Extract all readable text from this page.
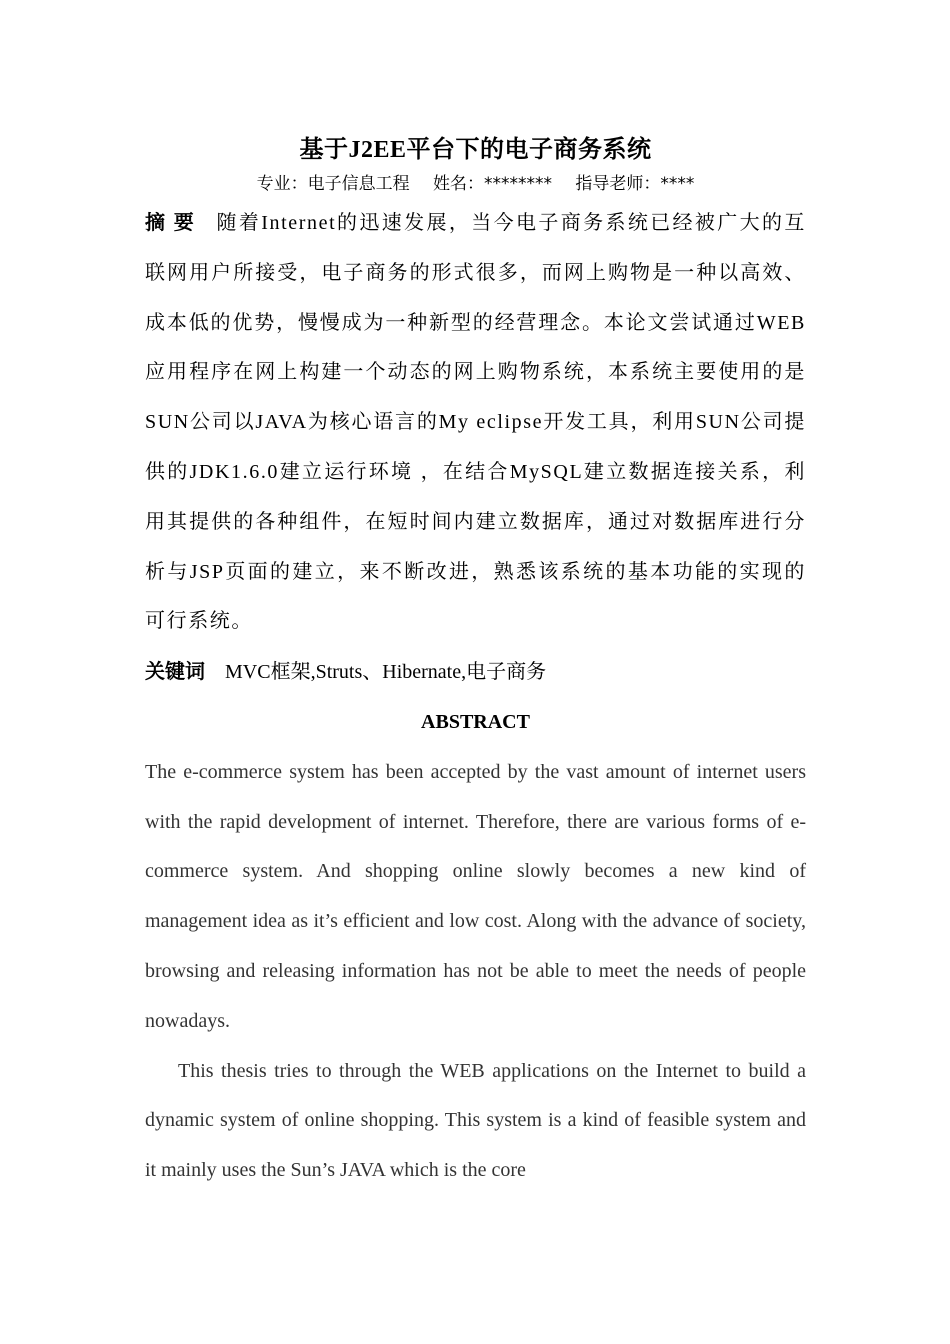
基于J2EE平台下的电子商务系统

专业：电子信息工程 姓名：******** 指导老师：****

摘要 随着Internet的迅速发展，当今电子商务系统已经被广大的互联网用户所接受，电子商务的形式很多，而网上购物是一种以高效、成本低的优势，慢慢成为一种新型的经营理念。本论文尝试通过WEB应用程序在网上构建一个动态的网上购物系统，本系统主要使用的是SUN公司以JAVA为核心语言的My eclipse开发工具，利用SUN公司提供的JDK1.6.0建立运行环境 ，在结合MySQL建立数据连接关系，利用其提供的各种组件，在短时间内建立数据库，通过对数据库进行分析与JSP页面的建立，来不断改进，熟悉该系统的基本功能的实现的可行系统。

关键词 MVC框架,Struts、Hibernate,电子商务

ABSTRACT

The e-commerce system has been accepted by the vast amount of internet users with the rapid development of internet. Therefore, there are various forms of e-commerce system. And shopping online slowly becomes a new kind of management idea as it’s efficient and low cost. Along with the advance of society, browsing and releasing information has not be able to meet the needs of people nowadays.

This thesis tries to through the WEB applications on the Internet to build a dynamic system of online shopping. This system is a kind of feasible system and it mainly uses the Sun’s JAVA which is the core
